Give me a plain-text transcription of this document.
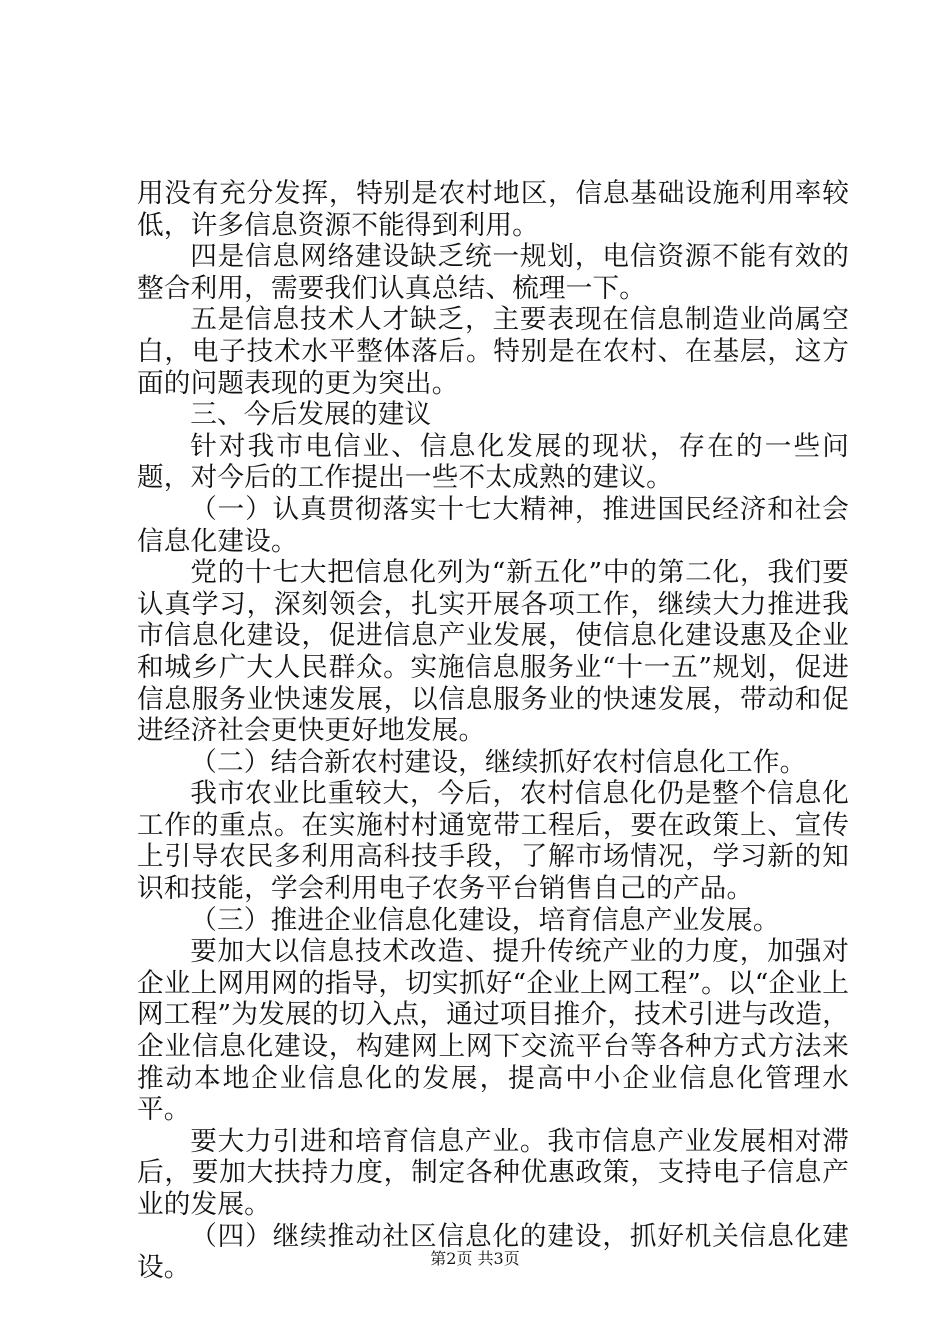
用没有充分发挥，特别是农村地区，信息基础设施利用率较低，许多信息资源不能得到利用。

四是信息网络建设缺乏统一规划，电信资源不能有效的整合利用，需要我们认真总结、梳理一下。

五是信息技术人才缺乏，主要表现在信息制造业尚属空白，电子技术水平整体落后。特别是在农村、在基层，这方面的问题表现的更为突出。

三、今后发展的建议

针对我市电信业、信息化发展的现状，存在的一些问题，对今后的工作提出一些不太成熟的建议。

（一）认真贯彻落实十七大精神，推进国民经济和社会信息化建设。

党的十七大把信息化列为“新五化”中的第二化，我们要认真学习，深刻领会，扎实开展各项工作，继续大力推进我市信息化建设，促进信息产业发展，使信息化建设惠及企业和城乡广大人民群众。实施信息服务业“十一五”规划，促进信息服务业快速发展，以信息服务业的快速发展，带动和促进经济社会更快更好地发展。

（二）结合新农村建设，继续抓好农村信息化工作。

我市农业比重较大，今后，农村信息化仍是整个信息化工作的重点。在实施村村通宽带工程后，要在政策上、宣传上引导农民多利用高科技手段，了解市场情况，学习新的知识和技能，学会利用电子农务平台销售自己的产品。

（三）推进企业信息化建设，培育信息产业发展。

要加大以信息技术改造、提升传统产业的力度，加强对企业上网用网的指导，切实抓好“企业上网工程”。以“企业上网工程”为发展的切入点，通过项目推介，技术引进与改造，企业信息化建设，构建网上网下交流平台等各种方式方法来推动本地企业信息化的发展，提高中小企业信息化管理水平。

要大力引进和培育信息产业。我市信息产业发展相对滞后，要加大扶持力度，制定各种优惠政策，支持电子信息产业的发展。

（四）继续推动社区信息化的建设，抓好机关信息化建设。	第2页 共3页
